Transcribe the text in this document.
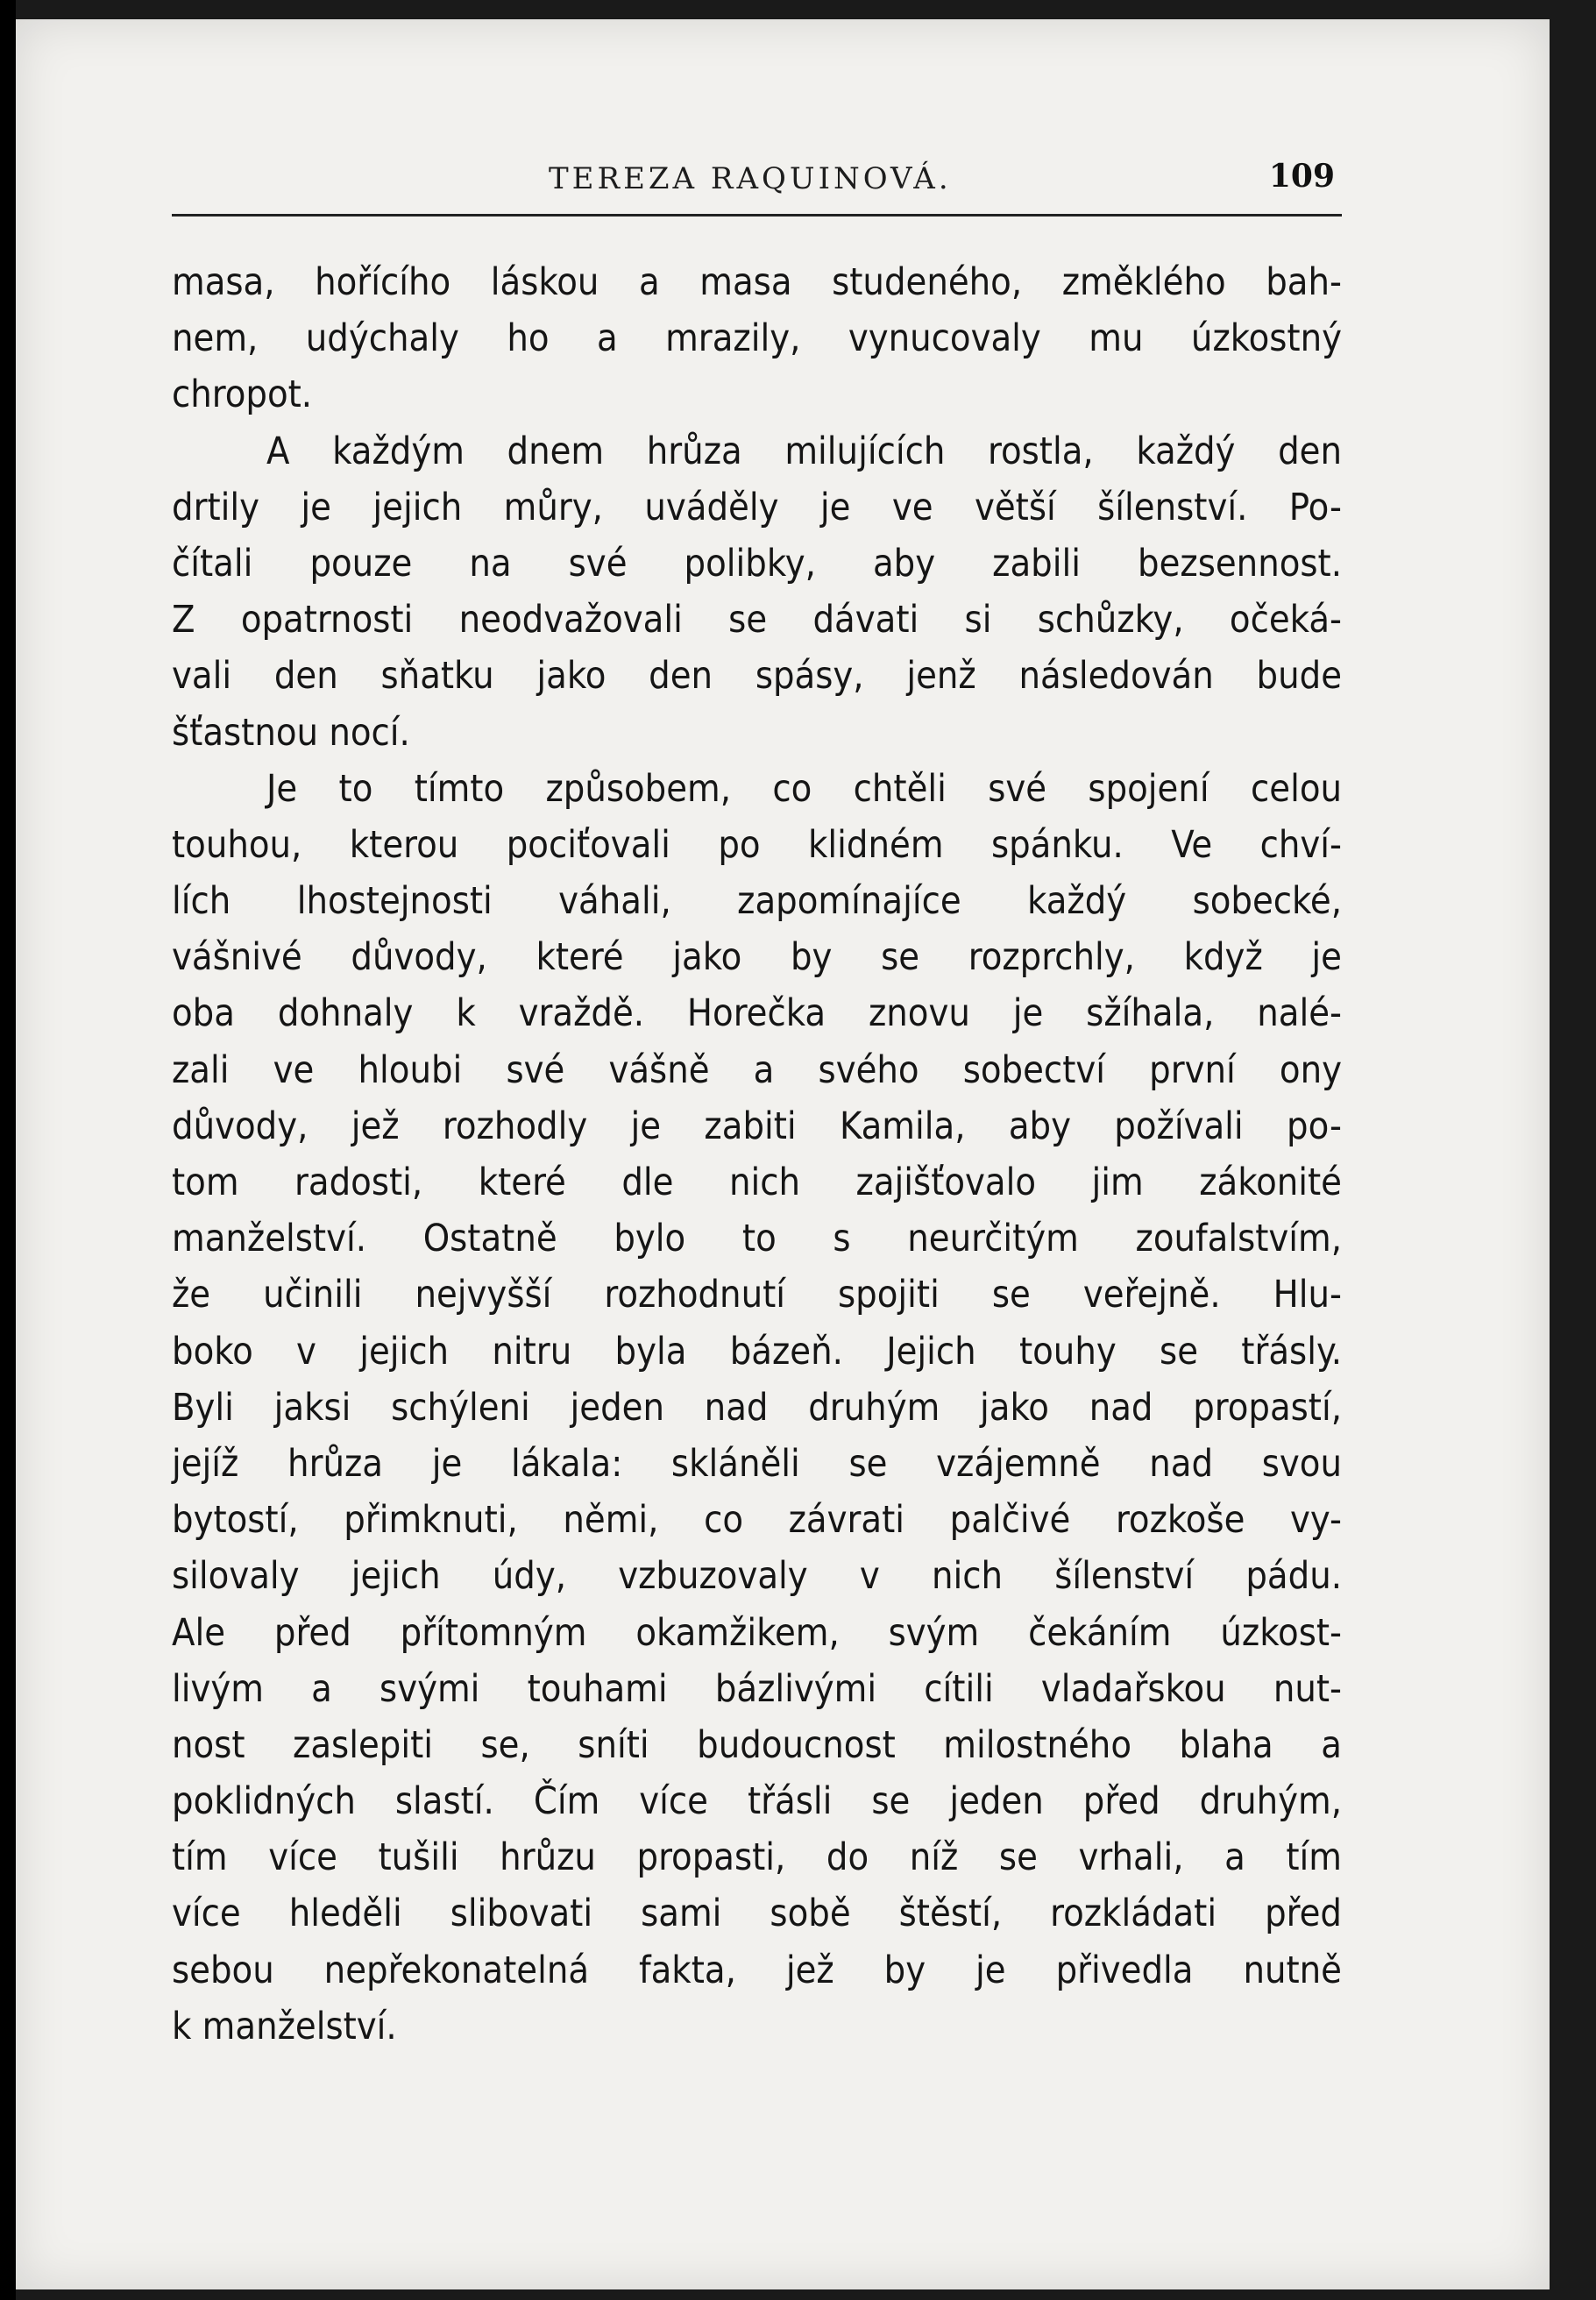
TEREZA RAQUINOVÁ.	109
masa, hořícího láskou a masa studeného, změklého bah-
nem, udýchaly ho a mrazily, vynucovaly mu úzkostný
chropot.
A každým dnem hrůza milujících rostla, každý den
drtily je jejich můry, uváděly je ve větší šílenství. Po-
čítali pouze na své polibky, aby zabili bezsennost.
Z opatrnosti neodvažovali se dávati si schůzky, očeká-
vali den sňatku jako den spásy, jenž následován bude
šťastnou nocí.
Je to tímto způsobem, co chtěli své spojení celou
touhou, kterou pociťovali po klidném spánku. Ve chví-
lích lhostejnosti váhali, zapomínajíce každý sobecké,
vášnivé důvody, které jako by se rozprchly, když je
oba dohnaly k vraždě. Horečka znovu je sžíhala, nalé-
zali ve hloubi své vášně a svého sobectví první ony
důvody, jež rozhodly je zabiti Kamila, aby požívali po-
tom radosti, které dle nich zajišťovalo jim zákonité
manželství. Ostatně bylo to s neurčitým zoufalstvím,
že učinili nejvyšší rozhodnutí spojiti se veřejně. Hlu-
boko v jejich nitru byla bázeň. Jejich touhy se třásly.
Byli jaksi schýleni jeden nad druhým jako nad propastí,
jejíž hrůza je lákala: skláněli se vzájemně nad svou
bytostí, přimknuti, němi, co závrati palčivé rozkoše vy-
silovaly jejich údy, vzbuzovaly v nich šílenství pádu.
Ale před přítomným okamžikem, svým čekáním úzkost-
livým a svými touhami bázlivými cítili vladařskou nut-
nost zaslepiti se, sníti budoucnost milostného blaha a
poklidných slastí. Čím více třásli se jeden před druhým,
tím více tušili hrůzu propasti, do níž se vrhali, a tím
více hleděli slibovati sami sobě štěstí, rozkládati před
sebou nepřekonatelná fakta, jež by je přivedla nutně
k manželství.
